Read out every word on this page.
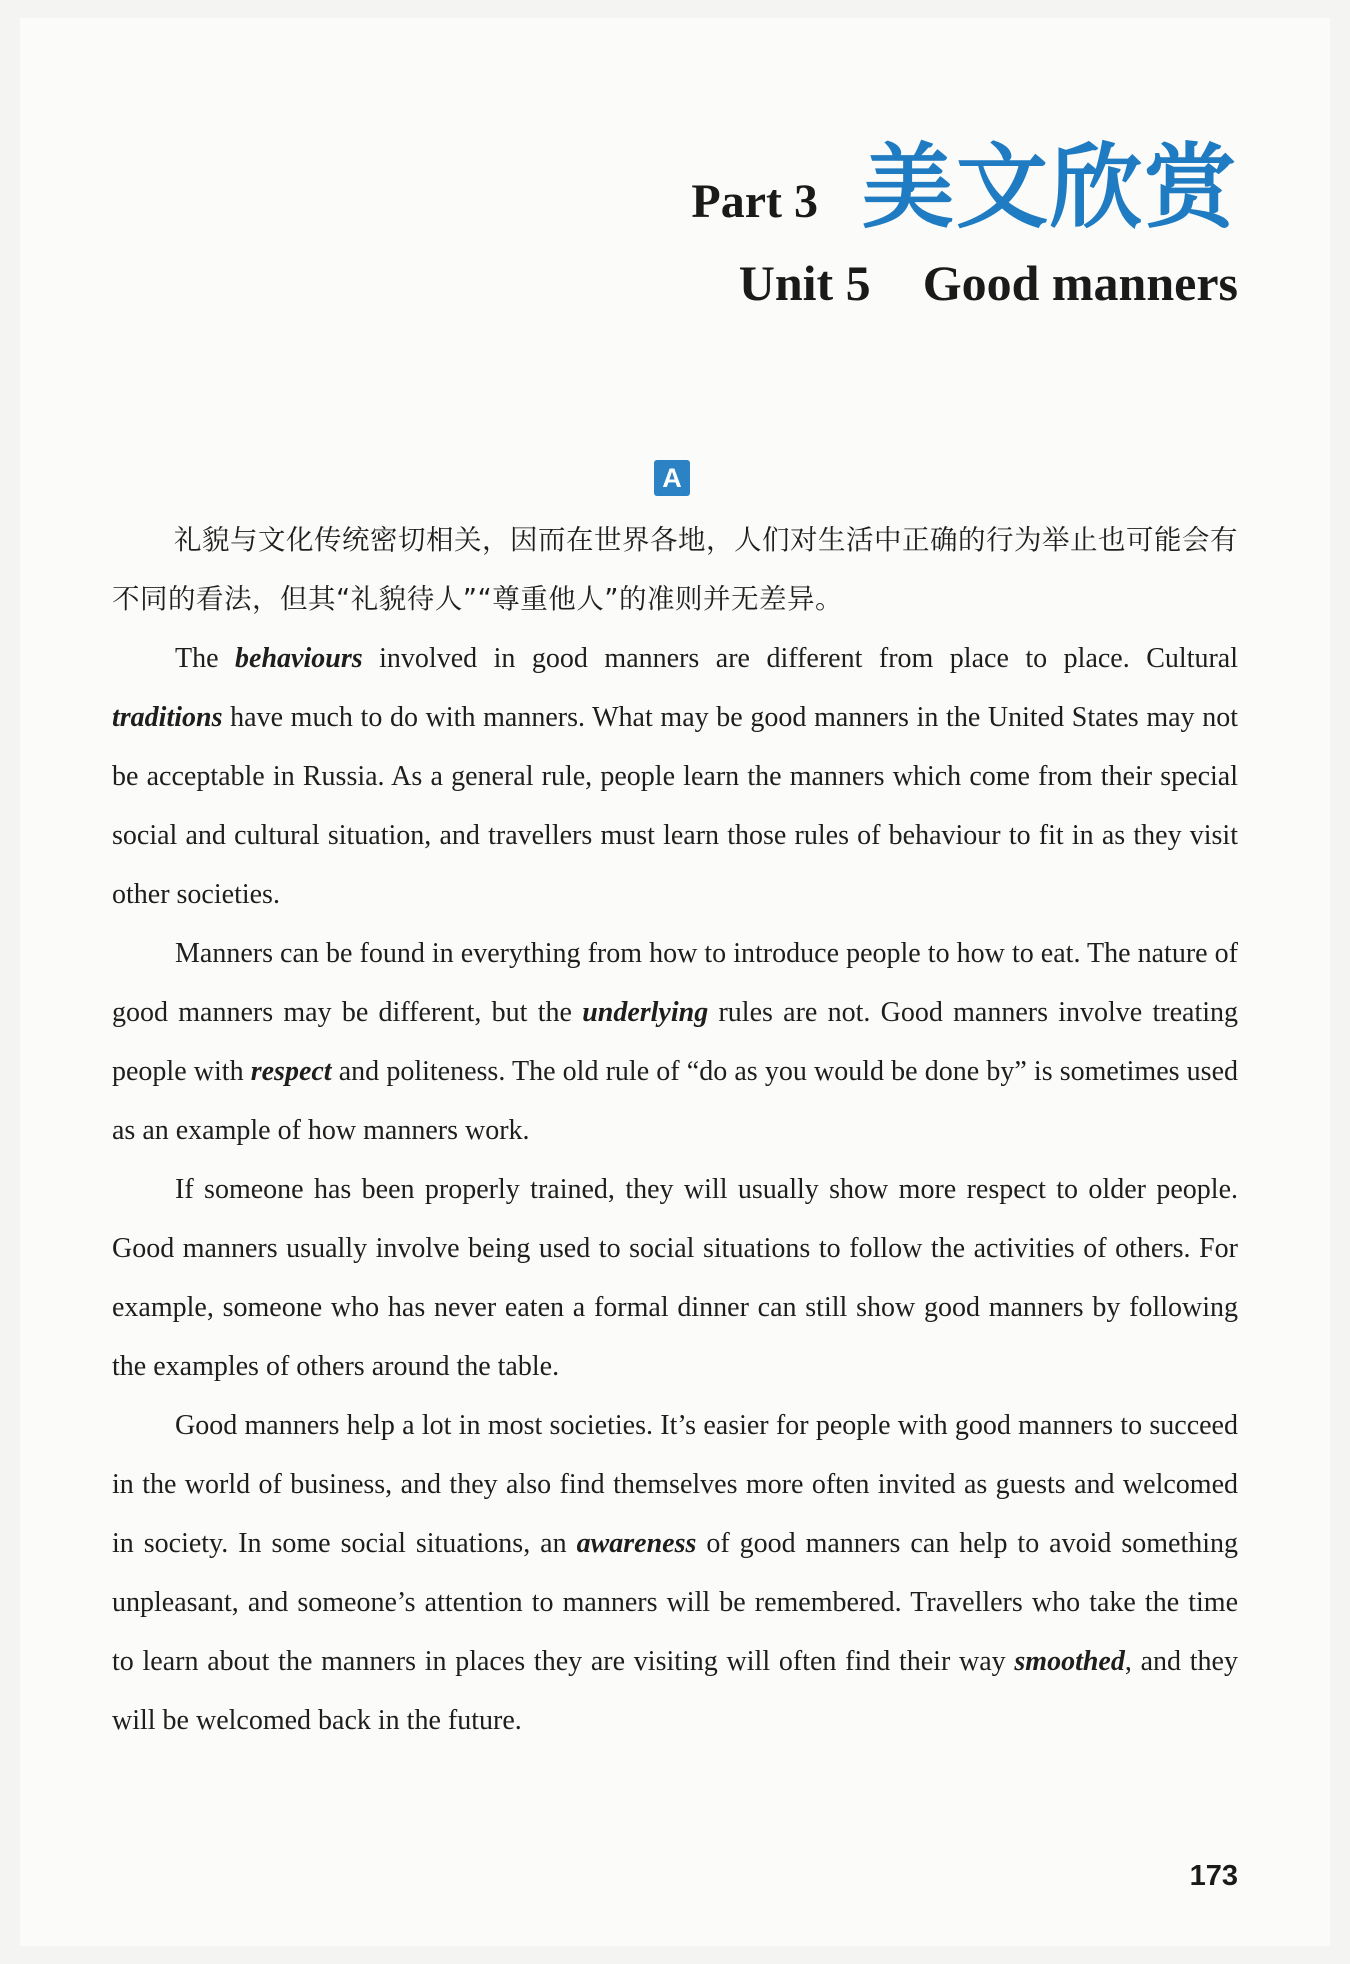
Part 3 美文欣赏
Unit 5 Good manners
A

礼貌与文化传统密切相关，因而在世界各地，人们对生活中正确的行为举止也可能会有不同的看法，但其“礼貌待人”“尊重他人”的准则并无差异。

The behaviours involved in good manners are different from place to place. Cultural traditions have much to do with manners. What may be good manners in the United States may not be acceptable in Russia. As a general rule, people learn the manners which come from their special social and cultural situation, and travellers must learn those rules of behaviour to fit in as they visit other societies.

Manners can be found in everything from how to introduce people to how to eat. The nature of good manners may be different, but the underlying rules are not. Good manners involve treating people with respect and politeness. The old rule of “do as you would be done by” is sometimes used as an example of how manners work.

If someone has been properly trained, they will usually show more respect to older people. Good manners usually involve being used to social situations to follow the activities of others. For example, someone who has never eaten a formal dinner can still show good manners by following the examples of others around the table.

Good manners help a lot in most societies. It’s easier for people with good manners to succeed in the world of business, and they also find themselves more often invited as guests and welcomed in society. In some social situations, an awareness of good manners can help to avoid something unpleasant, and someone’s attention to manners will be remembered. Travellers who take the time to learn about the manners in places they are visiting will often find their way smoothed, and they will be welcomed back in the future.

173
